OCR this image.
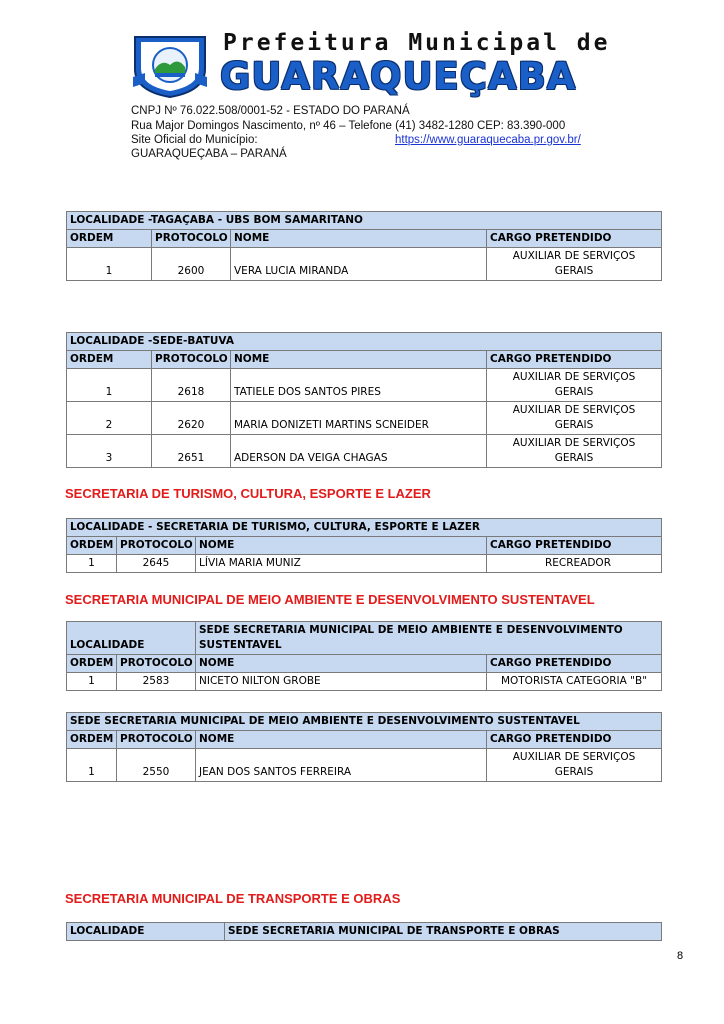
Prefeitura Municipal de
GUARAQUEÇABA
CNPJ Nº 76.022.508/0001-52 - ESTADO DO PARANÁ
Rua Major Domingos Nascimento, nº 46 – Telefone (41) 3482-1280 CEP: 83.390-000
Site Oficial do Município:	https://www.guaraquecaba.pr.gov.br/
GUARAQUEÇABA – PARANÁ
LOCALIDADE -TAGAÇABA - UBS BOM SAMARITANO			
ORDEM	PROTOCOLO	NOME	CARGO PRETENDIDO
1	2600	VERA LUCIA MIRANDA	AUXILIAR DE SERVIÇOS
GERAIS
LOCALIDADE -SEDE-BATUVA			
ORDEM	PROTOCOLO	NOME	CARGO PRETENDIDO
1	2618	TATIELE DOS SANTOS PIRES	AUXILIAR DE SERVIÇOS
GERAIS
2	2620	MARIA DONIZETI MARTINS SCNEIDER	AUXILIAR DE SERVIÇOS
GERAIS
3	2651	ADERSON DA VEIGA CHAGAS	AUXILIAR DE SERVIÇOS
GERAIS
SECRETARIA DE TURISMO, CULTURA, ESPORTE E LAZER
LOCALIDADE - SECRETARIA DE TURISMO, CULTURA, ESPORTE E LAZER			
ORDEM	PROTOCOLO	NOME	CARGO PRETENDIDO
1	2645	LÍVIA MARIA MUNIZ	RECREADOR
SECRETARIA MUNICIPAL DE MEIO AMBIENTE E DESENVOLVIMENTO SUSTENTAVEL
LOCALIDADE		SEDE SECRETARIA MUNICIPAL DE MEIO AMBIENTE E DESENVOLVIMENTO
SUSTENTAVEL	
ORDEM	PROTOCOLO	NOME	CARGO PRETENDIDO
1	2583	NICETO NILTON GROBE	MOTORISTA CATEGORIA "B"
SEDE SECRETARIA MUNICIPAL DE MEIO AMBIENTE E DESENVOLVIMENTO SUSTENTAVEL			
ORDEM	PROTOCOLO	NOME	CARGO PRETENDIDO
1	2550	JEAN DOS SANTOS FERREIRA	AUXILIAR DE SERVIÇOS
GERAIS
SECRETARIA MUNICIPAL DE TRANSPORTE E OBRAS
LOCALIDADE	SEDE SECRETARIA MUNICIPAL DE TRANSPORTE E OBRAS
8
